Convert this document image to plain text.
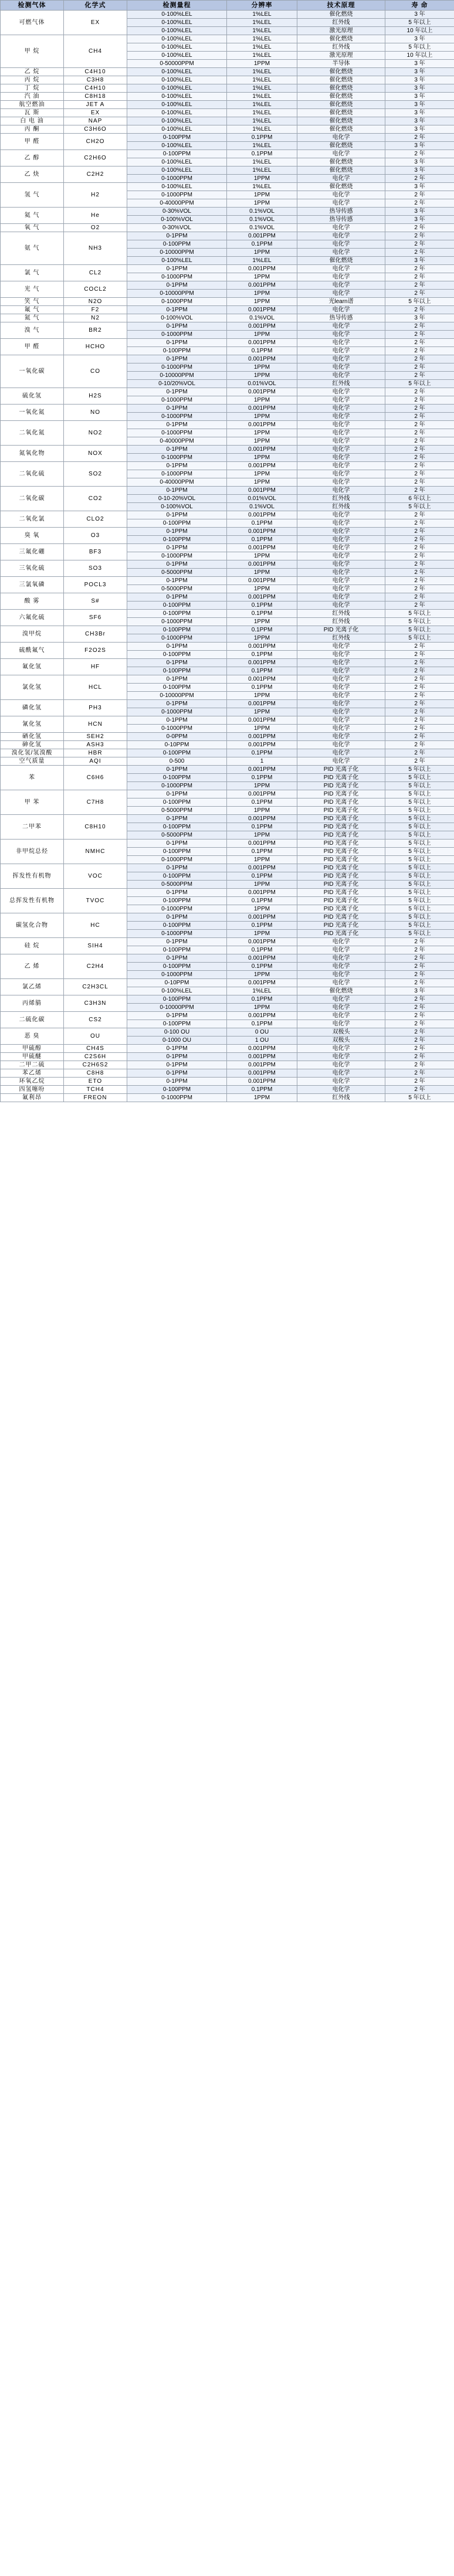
检测气体	化学式	检测量程	分辨率	技术原理	寿 命
可燃气体	EX	0-100%LEL	1%LEL	催化燃烧	3 年
		0-100%LEL	1%LEL	红外线	5 年以上
		0-100%LEL	1%LEL	激光原理	10 年以上
甲 烷	CH4	0-100%LEL	1%LEL	催化燃烧	3 年
		0-100%LEL	1%LEL	红外线	5 年以上
		0-100%LEL	1%LEL	激光原理	10 年以上
		0-50000PPM	1PPM	半导体	3 年
乙 烷	C4H10	0-100%LEL	1%LEL	催化燃烧	3 年
丙 烷	C3H8	0-100%LEL	1%LEL	催化燃烧	3 年
丁 烷	C4H10	0-100%LEL	1%LEL	催化燃烧	3 年
汽 油	C8H18	0-100%LEL	1%LEL	催化燃烧	3 年
航空燃油	JET A	0-100%LEL	1%LEL	催化燃烧	3 年
瓦 斯	EX	0-100%LEL	1%LEL	催化燃烧	3 年
白 电 油	NAP	0-100%LEL	1%LEL	催化燃烧	3 年
丙 酮	C3H6O	0-100%LEL	1%LEL	催化燃烧	3 年
甲 醛	CH2O	0-100PPM	0.1PPM	电化学	2 年
		0-100%LEL	1%LEL	催化燃烧	3 年
乙 醇	C2H6O	0-100PPM	0.1PPM	电化学	2 年
		0-100%LEL	1%LEL	催化燃烧	3 年
乙 炔	C2H2	0-100%LEL	1%LEL	催化燃烧	3 年
		0-1000PPM	1PPM	电化学	2 年
氢 气	H2	0-100%LEL	1%LEL	催化燃烧	3 年
		0-1000PPM	1PPM	电化学	2 年
		0-40000PPM	1PPM	电化学	2 年
氦 气	He	0-30%VOL	0.1%VOL	热导传感	3 年
		0-100%VOL	0.1%VOL	热导传感	3 年
氧 气	O2	0-30%VOL	0.1%VOL	电化学	2 年
氨 气	NH3	0-1PPM	0.001PPM	电化学	2 年
		0-100PPM	0.1PPM	电化学	2 年
		0-10000PPM	1PPM	电化学	2 年
		0-100%LEL	1%LEL	催化燃烧	3 年
氯 气	CL2	0-1PPM	0.001PPM	电化学	2 年
		0-1000PPM	1PPM	电化学	2 年
光 气	COCL2	0-1PPM	0.001PPM	电化学	2 年
		0-10000PPM	1PPM	电化学	2 年
笑 气	N2O	0-1000PPM	1PPM	光learn谱	5 年以上
氟 气	F2	0-1PPM	0.001PPM	电化学	2 年
氮 气	N2	0-100%VOL	0.1%VOL	热导传感	3 年
溴 气	BR2	0-1PPM	0.001PPM	电化学	2 年
		0-1000PPM	1PPM	电化学	2 年
甲 醛	HCHO	0-1PPM	0.001PPM	电化学	2 年
		0-100PPM	0.1PPM	电化学	2 年
一氧化碳	CO	0-1PPM	0.001PPM	电化学	2 年
		0-1000PPM	1PPM	电化学	2 年
		0-10000PPM	1PPM	电化学	2 年
		0-10/20%VOL	0.01%VOL	红外线	5 年以上
硫化氢	H2S	0-1PPM	0.001PPM	电化学	2 年
		0-1000PPM	1PPM	电化学	2 年
一氧化氮	NO	0-1PPM	0.001PPM	电化学	2 年
		0-1000PPM	1PPM	电化学	2 年
二氧化氮	NO2	0-1PPM	0.001PPM	电化学	2 年
		0-1000PPM	1PPM	电化学	2 年
		0-40000PPM	1PPM	电化学	2 年
氮氧化物	NOX	0-1PPM	0.001PPM	电化学	2 年
		0-1000PPM	1PPM	电化学	2 年
二氧化硫	SO2	0-1PPM	0.001PPM	电化学	2 年
		0-1000PPM	1PPM	电化学	2 年
		0-40000PPM	1PPM	电化学	2 年
二氧化碳	CO2	0-1PPM	0.001PPM	电化学	2 年
		0-10-20%VOL	0.01%VOL	红外线	6 年以上
		0-100%VOL	0.1%VOL	红外线	5 年以上
二氧化氯	CLO2	0-1PPM	0.001PPM	电化学	2 年
		0-100PPM	0.1PPM	电化学	2 年
臭 氧	O3	0-1PPM	0.001PPM	电化学	2 年
		0-100PPM	0.1PPM	电化学	2 年
三氟化硼	BF3	0-1PPM	0.001PPM	电化学	2 年
		0-1000PPM	1PPM	电化学	2 年
三氧化硫	SO3	0-1PPM	0.001PPM	电化学	2 年
		0-5000PPM	1PPM	电化学	2 年
三氯氧磷	POCL3	0-1PPM	0.001PPM	电化学	2 年
		0-5000PPM	1PPM	电化学	2 年
酸 雾	S#	0-1PPM	0.001PPM	电化学	2 年
		0-100PPM	0.1PPM	电化学	2 年
六氟化硫	SF6	0-100PPM	0.1PPM	红外线	5 年以上
		0-1000PPM	1PPM	红外线	5 年以上
溴甲烷	CH3Br	0-100PPM	0.1PPM	PID 光离子化	5 年以上
		0-1000PPM	1PPM	红外线	5 年以上
硫酰氟气	F2O2S	0-1PPM	0.001PPM	电化学	2 年
		0-100PPM	0.1PPM	电化学	2 年
氟化氢	HF	0-1PPM	0.001PPM	电化学	2 年
		0-100PPM	0.1PPM	电化学	2 年
氯化氢	HCL	0-1PPM	0.001PPM	电化学	2 年
		0-100PPM	0.1PPM	电化学	2 年
		0-10000PPM	1PPM	电化学	2 年
磷化氢	PH3	0-1PPM	0.001PPM	电化学	2 年
		0-1000PPM	1PPM	电化学	2 年
氰化氢	HCN	0-1PPM	0.001PPM	电化学	2 年
		0-1000PPM	1PPM	电化学	2 年
硒化氢	SEH2	0-0PPM	0.001PPM	电化学	2 年
砷化氢	ASH3	0-10PPM	0.001PPM	电化学	2 年
溴化氢/氢溴酸	HBR	0-100PPM	0.1PPM	电化学	2 年
空气质量	AQI	0-500	1	电化学	2 年
苯	C6H6	0-1PPM	0.001PPM	PID 光离子化	5 年以上
		0-100PPM	0.1PPM	PID 光离子化	5 年以上
		0-1000PPM	1PPM	PID 光离子化	5 年以上
甲 苯	C7H8	0-1PPM	0.001PPM	PID 光离子化	5 年以上
		0-100PPM	0.1PPM	PID 光离子化	5 年以上
		0-5000PPM	1PPM	PID 光离子化	5 年以上
二甲苯	C8H10	0-1PPM	0.001PPM	PID 光离子化	5 年以上
		0-100PPM	0.1PPM	PID 光离子化	5 年以上
		0-5000PPM	1PPM	PID 光离子化	5 年以上
非甲烷总烃	NMHC	0-1PPM	0.001PPM	PID 光离子化	5 年以上
		0-100PPM	0.1PPM	PID 光离子化	5 年以上
		0-1000PPM	1PPM	PID 光离子化	5 年以上
挥发性有机物	VOC	0-1PPM	0.001PPM	PID 光离子化	5 年以上
		0-100PPM	0.1PPM	PID 光离子化	5 年以上
		0-5000PPM	1PPM	PID 光离子化	5 年以上
总挥发性有机物	TVOC	0-1PPM	0.001PPM	PID 光离子化	5 年以上
		0-100PPM	0.1PPM	PID 光离子化	5 年以上
		0-1000PPM	1PPM	PID 光离子化	5 年以上
碳氢化合物	HC	0-1PPM	0.001PPM	PID 光离子化	5 年以上
		0-100PPM	0.1PPM	PID 光离子化	5 年以上
		0-1000PPM	1PPM	PID 光离子化	5 年以上
硅 烷	SIH4	0-1PPM	0.001PPM	电化学	2 年
		0-100PPM	0.1PPM	电化学	2 年
乙 烯	C2H4	0-1PPM	0.001PPM	电化学	2 年
		0-100PPM	0.1PPM	电化学	2 年
		0-1000PPM	1PPM	电化学	2 年
氯乙烯	C2H3CL	0-10PPM	0.001PPM	电化学	2 年
		0-100%LEL	1%LEL	催化燃烧	3 年
丙烯腈	C3H3N	0-100PPM	0.1PPM	电化学	2 年
		0-10000PPM	1PPM	电化学	2 年
二硫化碳	CS2	0-1PPM	0.001PPM	电化学	2 年
		0-100PPM	0.1PPM	电化学	2 年
恶 臭	OU	0-100 OU	0 OU	双极头	2 年
		0-1000 OU	1 OU	双极头	2 年
甲硫醇	CH4S	0-1PPM	0.001PPM	电化学	2 年
甲硫醚	C2S6H	0-1PPM	0.001PPM	电化学	2 年
二甲二硫	C2H6S2	0-1PPM	0.001PPM	电化学	2 年
苯乙烯	C8H8	0-1PPM	0.001PPM	电化学	2 年
环氧乙烷	ETO	0-1PPM	0.001PPM	电化学	2 年
四氢噻吩	TCH4	0-100PPM	0.1PPM	电化学	2 年
氟利昂	FREON	0-1000PPM	1PPM	红外线	5 年以上
